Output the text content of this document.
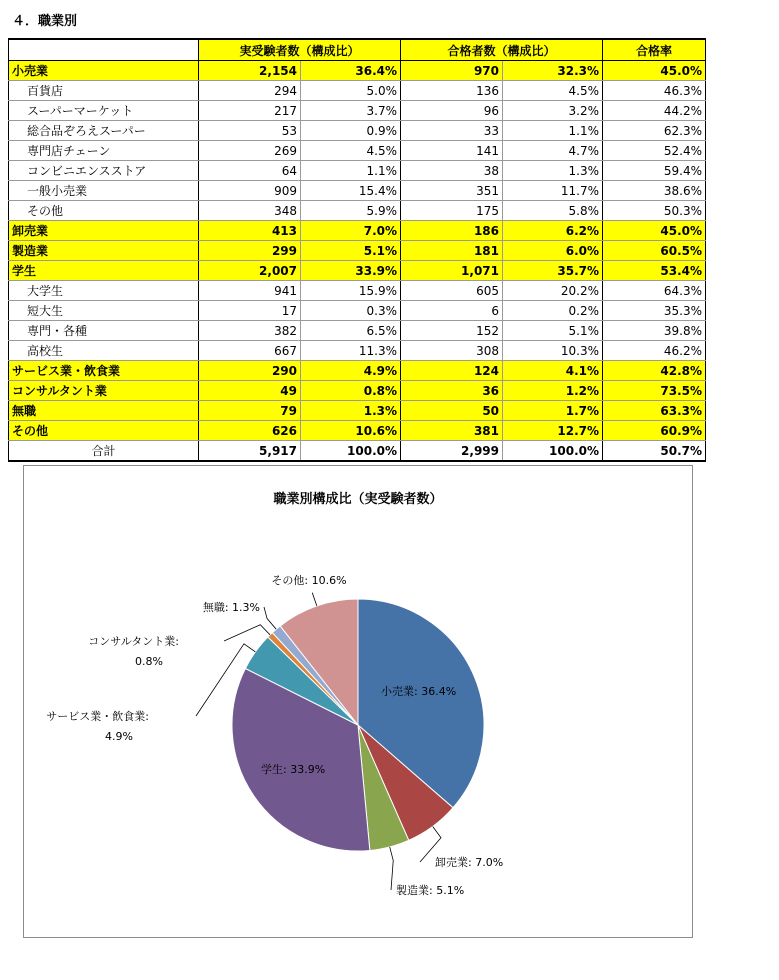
４．職業別
	実受験者数（構成比）		合格者数（構成比）		合格率
小売業	2,154	36.4%	970	32.3%	45.0%
百貨店	294	5.0%	136	4.5%	46.3%
スーパーマーケット	217	3.7%	96	3.2%	44.2%
総合品ぞろえスーパー	53	0.9%	33	1.1%	62.3%
専門店チェーン	269	4.5%	141	4.7%	52.4%
コンビニエンスストア	64	1.1%	38	1.3%	59.4%
一般小売業	909	15.4%	351	11.7%	38.6%
その他	348	5.9%	175	5.8%	50.3%
卸売業	413	7.0%	186	6.2%	45.0%
製造業	299	5.1%	181	6.0%	60.5%
学生	2,007	33.9%	1,071	35.7%	53.4%
大学生	941	15.9%	605	20.2%	64.3%
短大生	17	0.3%	6	0.2%	35.3%
専門・各種	382	6.5%	152	5.1%	39.8%
高校生	667	11.3%	308	10.3%	46.2%
サービス業・飲食業	290	4.9%	124	4.1%	42.8%
コンサルタント業	49	0.8%	36	1.2%	73.5%
無職	79	1.3%	50	1.7%	63.3%
その他	626	10.6%	381	12.7%	60.9%
合計	5,917	100.0%	2,999	100.0%	50.7%
職業別構成比（実受験者数）
小売業: 36.4%
卸売業: 7.0%
製造業: 5.1%
学生: 33.9%
サービス業・飲食業: 4.9%
コンサルタント業: 0.8%
無職: 1.3%
その他: 10.6%
